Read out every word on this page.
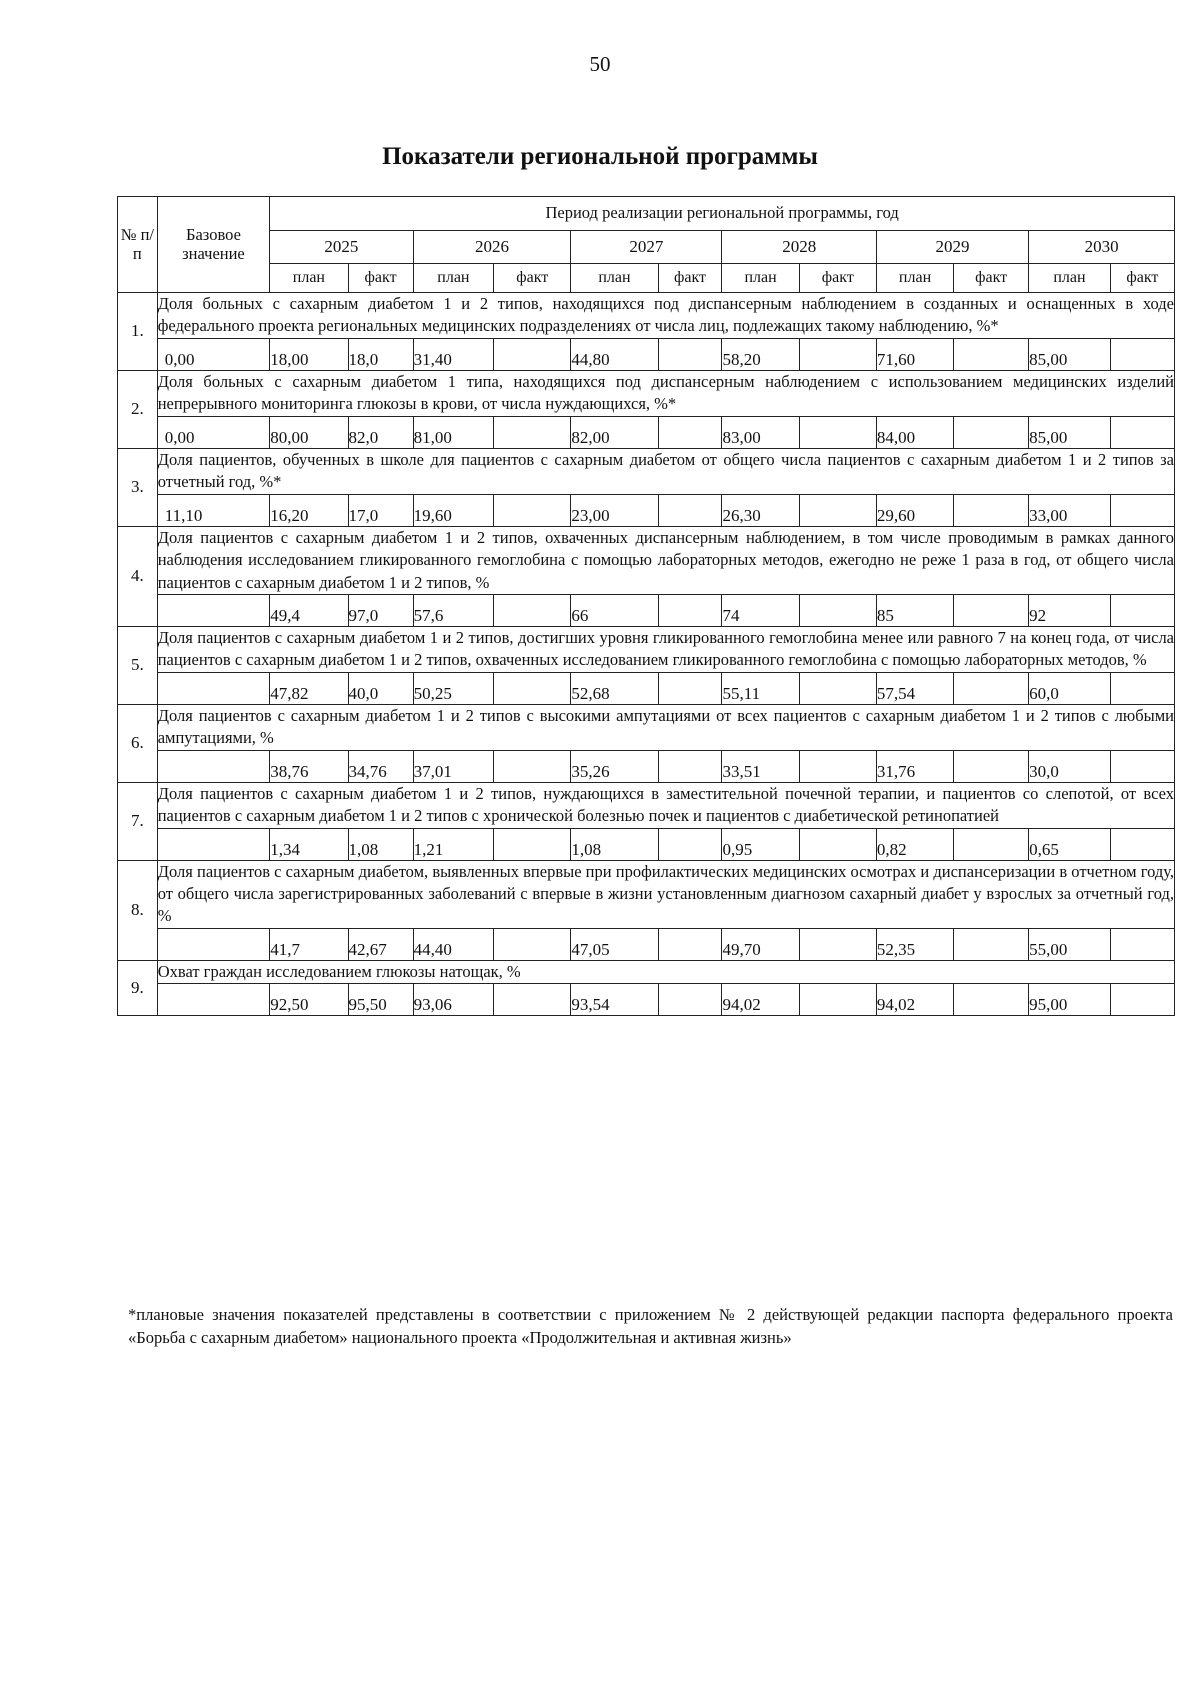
50
Показатели региональной программы
№ п/п	Базовое значение	Период реализации региональной программы, год											
		2025		2026		2027		2028		2029		2030	
		план	факт	план	факт	план	факт	план	факт	план	факт	план	факт
1.	Доля больных с сахарным диабетом 1 и 2 типов, находящихся под диспансерным наблюдением в созданных и оснащенных в ходе федерального проекта региональных медицинских подразделениях от числа лиц, подлежащих такому наблюдению, %*												
	0,00	18,00	18,0	31,40		44,80		58,20		71,60		85,00	
2.	Доля больных с сахарным диабетом 1 типа, находящихся под диспансерным наблюдением с использованием медицинских изделий непрерывного мониторинга глюкозы в крови, от числа нуждающихся, %*												
	0,00	80,00	82,0	81,00		82,00		83,00		84,00		85,00	
3.	Доля пациентов, обученных в школе для пациентов с сахарным диабетом от общего числа пациентов с сахарным диабетом 1 и 2 типов за отчетный год, %*												
	11,10	16,20	17,0	19,60		23,00		26,30		29,60		33,00	
4.	Доля пациентов с сахарным диабетом 1 и 2 типов, охваченных диспансерным наблюдением, в том числе проводимым в рамках данного наблюдения исследованием гликированного гемоглобина с помощью лабораторных методов, ежегодно не реже 1 раза в год, от общего числа пациентов с сахарным диабетом 1 и 2 типов, %												
		49,4	97,0	57,6		66		74		85		92	
5.	Доля пациентов с сахарным диабетом 1 и 2 типов, достигших уровня гликированного гемоглобина менее или равного 7 на конец года, от числа пациентов с сахарным диабетом 1 и 2 типов, охваченных исследованием гликированного гемоглобина с помощью лабораторных методов, %												
		47,82	40,0	50,25		52,68		55,11		57,54		60,0	
6.	Доля пациентов с сахарным диабетом 1 и 2 типов с высокими ампутациями от всех пациентов с сахарным диабетом 1 и 2 типов с любыми ампутациями, %												
		38,76	34,76	37,01		35,26		33,51		31,76		30,0	
7.	Доля пациентов с сахарным диабетом 1 и 2 типов, нуждающихся в заместительной почечной терапии, и пациентов со слепотой, от всех пациентов с сахарным диабетом 1 и 2 типов с хронической болезнью почек и пациентов с диабетической ретинопатией												
		1,34	1,08	1,21		1,08		0,95		0,82		0,65	
8.	Доля пациентов с сахарным диабетом, выявленных впервые при профилактических медицинских осмотрах и диспансеризации в отчетном году, от общего числа зарегистрированных заболеваний с впервые в жизни установленным диагнозом сахарный диабет у взрослых за отчетный год, %												
		41,7	42,67	44,40		47,05		49,70		52,35		55,00	
9.	Охват граждан исследованием глюкозы натощак, %												
		92,50	95,50	93,06		93,54		94,02		94,02		95,00	
*плановые значения показателей представлены в соответствии с приложением № 2 действующей редакции паспорта федерального проекта «Борьба с сахарным диабетом» национального проекта «Продолжительная и активная жизнь»
